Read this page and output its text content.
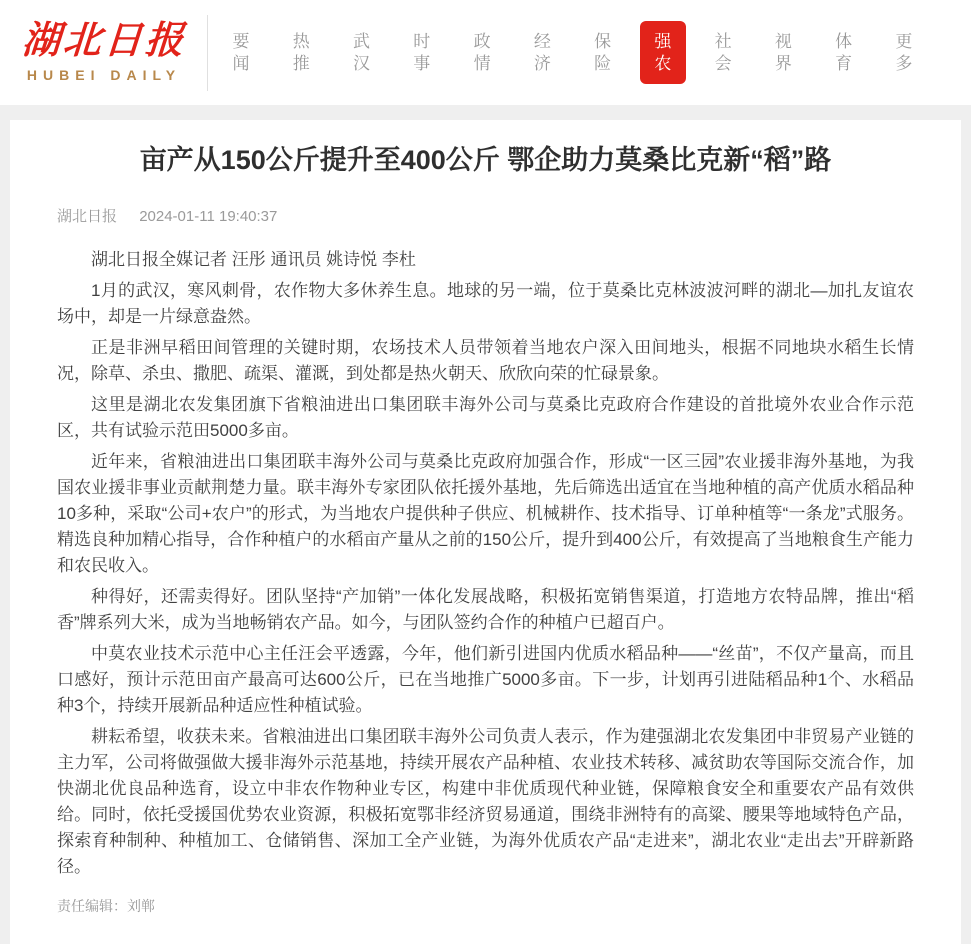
湖北日报
HUBEI DAILY
要闻
热推
武汉
时事
政情
经济
保险
强农
社会
视界
体育
更多
亩产从150公斤提升至400公斤 鄂企助力莫桑比克新“稻”路
湖北日报 2024-01-11 19:40:37

湖北日报全媒记者 汪彤 通讯员 姚诗悦 李杜

1月的武汉，寒风刺骨，农作物大多休养生息。地球的另一端，位于莫桑比克林波波河畔的湖北—加扎友谊农场中，却是一片绿意盎然。

正是非洲早稻田间管理的关键时期，农场技术人员带领着当地农户深入田间地头，根据不同地块水稻生长情况，除草、杀虫、撒肥、疏渠、灌溉，到处都是热火朝天、欣欣向荣的忙碌景象。

这里是湖北农发集团旗下省粮油进出口集团联丰海外公司与莫桑比克政府合作建设的首批境外农业合作示范区，共有试验示范田5000多亩。

近年来，省粮油进出口集团联丰海外公司与莫桑比克政府加强合作，形成“一区三园”农业援非海外基地，为我国农业援非事业贡献荆楚力量。联丰海外专家团队依托援外基地，先后筛选出适宜在当地种植的高产优质水稻品种10多种，采取“公司+农户”的形式，为当地农户提供种子供应、机械耕作、技术指导、订单种植等“一条龙”式服务。精选良种加精心指导，合作种植户的水稻亩产量从之前的150公斤，提升到400公斤，有效提高了当地粮食生产能力和农民收入。

种得好，还需卖得好。团队坚持“产加销”一体化发展战略，积极拓宽销售渠道，打造地方农特品牌，推出“稻香”牌系列大米，成为当地畅销农产品。如今，与团队签约合作的种植户已超百户。

中莫农业技术示范中心主任汪会平透露，今年，他们新引进国内优质水稻品种——“丝苗”，不仅产量高，而且口感好，预计示范田亩产最高可达600公斤，已在当地推广5000多亩。下一步，计划再引进陆稻品种1个、水稻品种3个，持续开展新品种适应性种植试验。

耕耘希望，收获未来。省粮油进出口集团联丰海外公司负责人表示，作为建强湖北农发集团中非贸易产业链的主力军，公司将做强做大援非海外示范基地，持续开展农产品种植、农业技术转移、减贫助农等国际交流合作，加快湖北优良品种选育，设立中非农作物种业专区，构建中非优质现代种业链，保障粮食安全和重要农产品有效供给。同时，依托受援国优势农业资源，积极拓宽鄂非经济贸易通道，围绕非洲特有的高粱、腰果等地域特色产品，探索育种制种、种植加工、仓储销售、深加工全产业链，为海外优质农产品“走进来”，湖北农业“走出去”开辟新路径。

责任编辑：刘郸
